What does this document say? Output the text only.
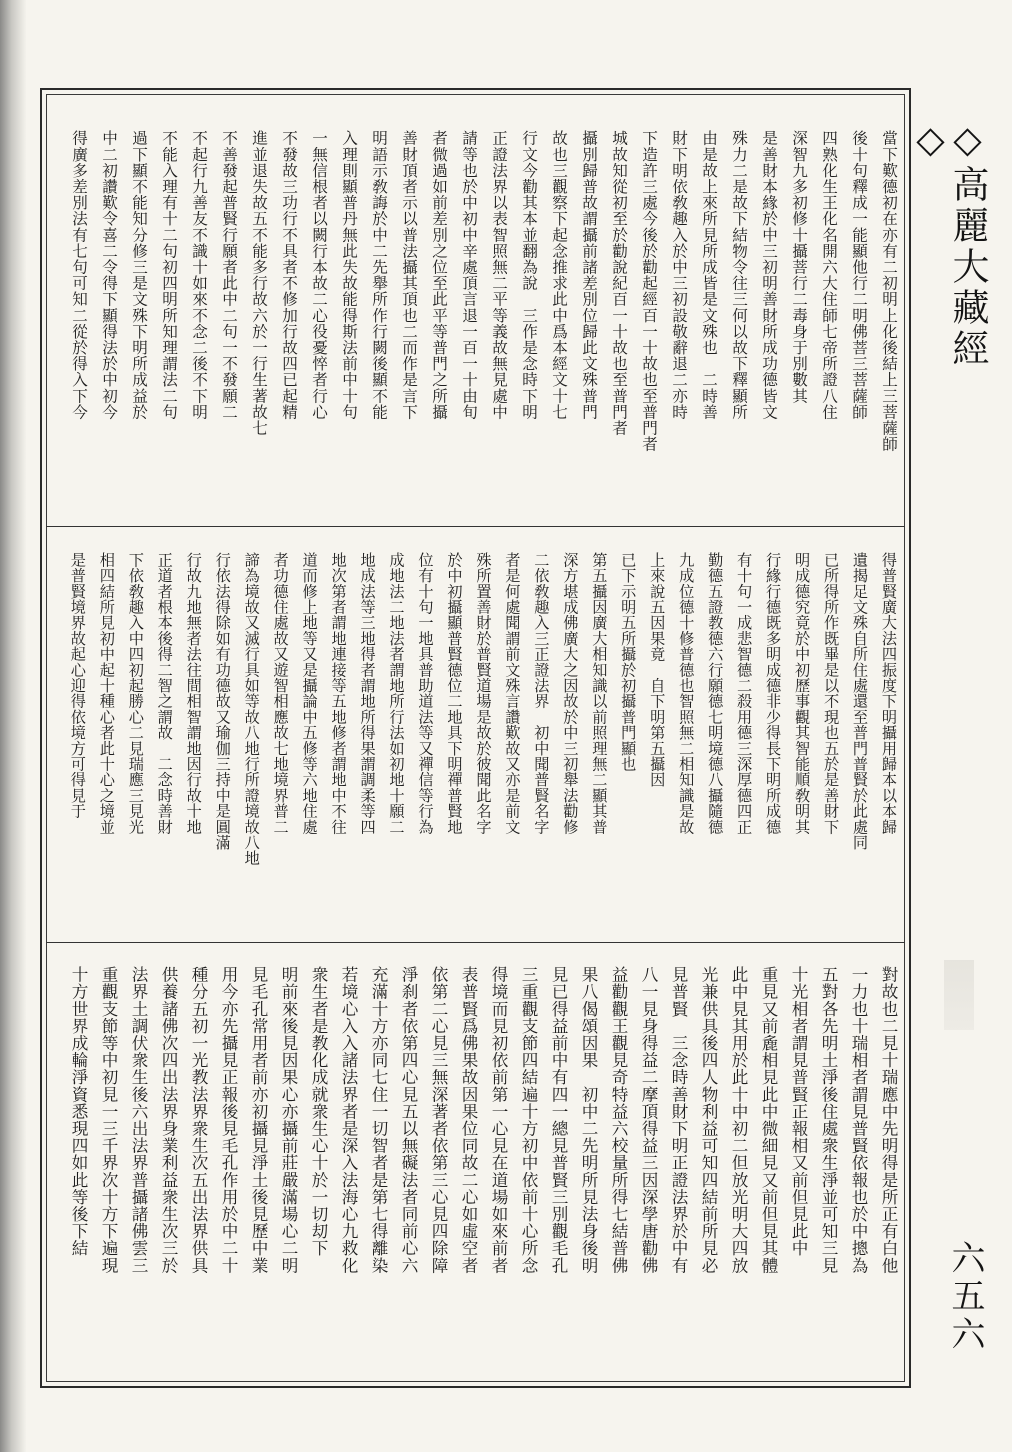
當下歎德初在亦有二初明上化後結上三菩薩師
後十句釋成一能顯他行二明佛菩三菩薩師
四熟化生王化名開六大住師七帝所證八住
深智九多初修十攝菩行二毒身于別數其
是善財本緣於中三初明善財所成功德皆文
殊力二是故下結物令往三何以故下釋顯所
由是故上來所見所成皆是文殊也　二時善
財下明依敎趣入於中三初設敬辭退二亦時
下造許三處今後於勸起經百一十故也至普門者
城故知從初至於勸說紀百一十故也至普門者
攝別歸普故謂攝前諸差別位歸此文殊普門
故也三觀察下起念推求此中爲本經文十七
行文今勸其本並翻為說　三作是念時下明
正證法界以表智照無二平等義故無見處中
請等也於中初中辛處頂言退一百一十由旬
者微過如前差別之位至此平等普門之所攝
善財頂者示以普法攝其頂也二而作是言下
明語示敎誨於中二先舉所作行闕後顯不能
入理則顯普丹無此失故能得斯法前中十句
一無信根者以闕行本故二心役憂悴者行心
不發故三功行不具者不修加行故四已起精
進並退失故五不能多行故六於一行生著故七
不善發起普賢行願者此中二句一不發願二
不起行九善友不識十如來不念二後不下明
不能入理有十二句初四明所知理謂法二句
過下顯不能知分修三是文殊下明所成益於
中二初讚歎令喜二令得下顯得法於中初今
得廣多差別法有七句可知二從於得入下今
得普賢廣大法四振度下明攝用歸本以本歸
遺揭足文殊自所住處還至普門普賢於此處同
已所得所作既畢是以不現也五於是善財下
明成德究竟於中初歷事觀其智能順敎明其
行緣行德既多明成德非少得長下明所成德
有十句一成悲智德二殺用德三深厚德四正
勤德五證教德六行願德七明境德八攝隨德
九成位德十修普德也智照無二相知識是故
上來說五因果竟　自下明第五攝因
已下示明五所攝於初攝普門顯也
第五攝因廣大相知識以前照理無二顯其普
深方堪成佛廣大之因故於中三初舉法勸修
二依敎趣入三正證法界　初中聞普賢名字
者是何處聞謂前文殊言讚歎故又亦是前文
殊所置善財於普賢道場是故於彼聞此名字
於中初攝顯普賢德位二地具下明禪普賢地
位有十句一地具普助道法等又禪信等行為
成地法二地法者謂地所行法如初地十願二
地成法等三地得者謂地所得果謂調柔等四
地次第者謂地連接等五地修者謂地中不往
道而修上地等又是攝論中五修等六地住處
者功德住處故又遊智相應故七地境界普二
諦為境故又滅行具如等故八地行所證境故八地
行依法得除如有功德故又瑜伽三持中是圓滿
行故九地無者法往間相智謂地因行故十地
正道者根本後得二智之謂故　二念時善財
下依敎趣入中四初起勝心二見瑞應三見光
相四結所見初中起十種心者此十心之境並
是普賢境界故起心迎得依境方可得見于
對故也二見十瑞應中先明得是所正有白他
一力也十瑞相者謂見普賢依報也於中摠為
五對各先明土淨後住處衆生淨並可知三見
十光相者謂見普賢正報相又前但見此中
重見又前麁相見此中微細見又前但見其體
此中見其用於此十中初二但放光明大四放
光兼供具後四人物利益可知四結前所見必
見普賢　三念時善財下明正證法界於中有
八一見身得益二摩頂得益三因深學唐勸佛
益勸觀王觀見奇特益六校量所得七結普佛
果八偈頌因果　初中二先明所見法身後明
見已得益前中有四一總見普賢三別觀毛孔
三重觀支節四結遍十方初中依前十心所念
得境而見初依前第一心見在道場如來前者
表普賢爲佛果故因果位同故二心如虛空者
依第二心見三無深著者依第三心見四除障
淨刹者依第四心見五以無礙法者同前心六
充滿十方亦同七住一切智者是第七得離染
若境心入入諸法界者是深入法海心九救化
衆生者是教化成就衆生心十於一切刧下
明前來後見因果心亦攝前莊嚴滿場心二明
見毛孔常用者前亦初攝見淨土後見歷中業
用今亦先攝見正報後見毛孔作用於中二十
種分五初一光教法界衆生次五出法界供具
供養諸佛次四出法界身業利益衆生次三於
法界土調伏衆生後六出法界普攝諸佛雲三
重觀支節等中初見一三千界次十方下遍現
十方世界成輪淨資悉現四如此等後下結
◇高麗大藏經◇
六五六
